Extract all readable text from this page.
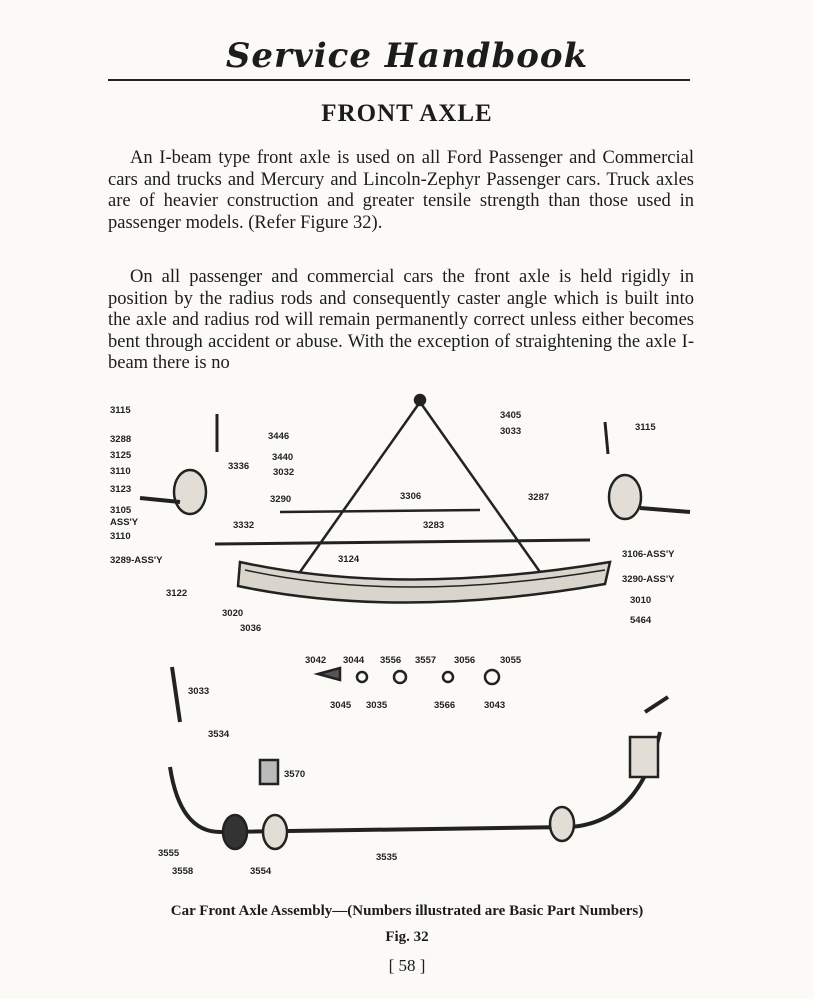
Service Handbook
FRONT AXLE

An I-beam type front axle is used on all Ford Passenger and Commercial cars and trucks and Mercury and Lincoln-Zephyr Passenger cars. Truck axles are of heavier construction and greater tensile strength than those used in passenger models. (Refer Figure 32).

On all passenger and commercial cars the front axle is held rigidly in position by the radius rods and consequently caster angle which is built into the axle and radius rod will remain permanently correct unless either becomes bent through accident or abuse. With the exception of straightening the axle I-beam there is no

3115
3288
3125
3110
3123
3105
ASS'Y
3110
3289-ASS'Y
3446
3440
3336
3032
3290
3332
3306
3405
3033	3115
3287
3283
3124	3106-ASS'Y
3290-ASS'Y
3010
5464
3122
3020
3036
3042 3044 3556 3557 3056	3055
3045 3035	3566	3043
3033
3534
3570
3555
3558	3554
3535
Car Front Axle Assembly—(Numbers illustrated are Basic Part Numbers)
Fig. 32
[ 58 ]
